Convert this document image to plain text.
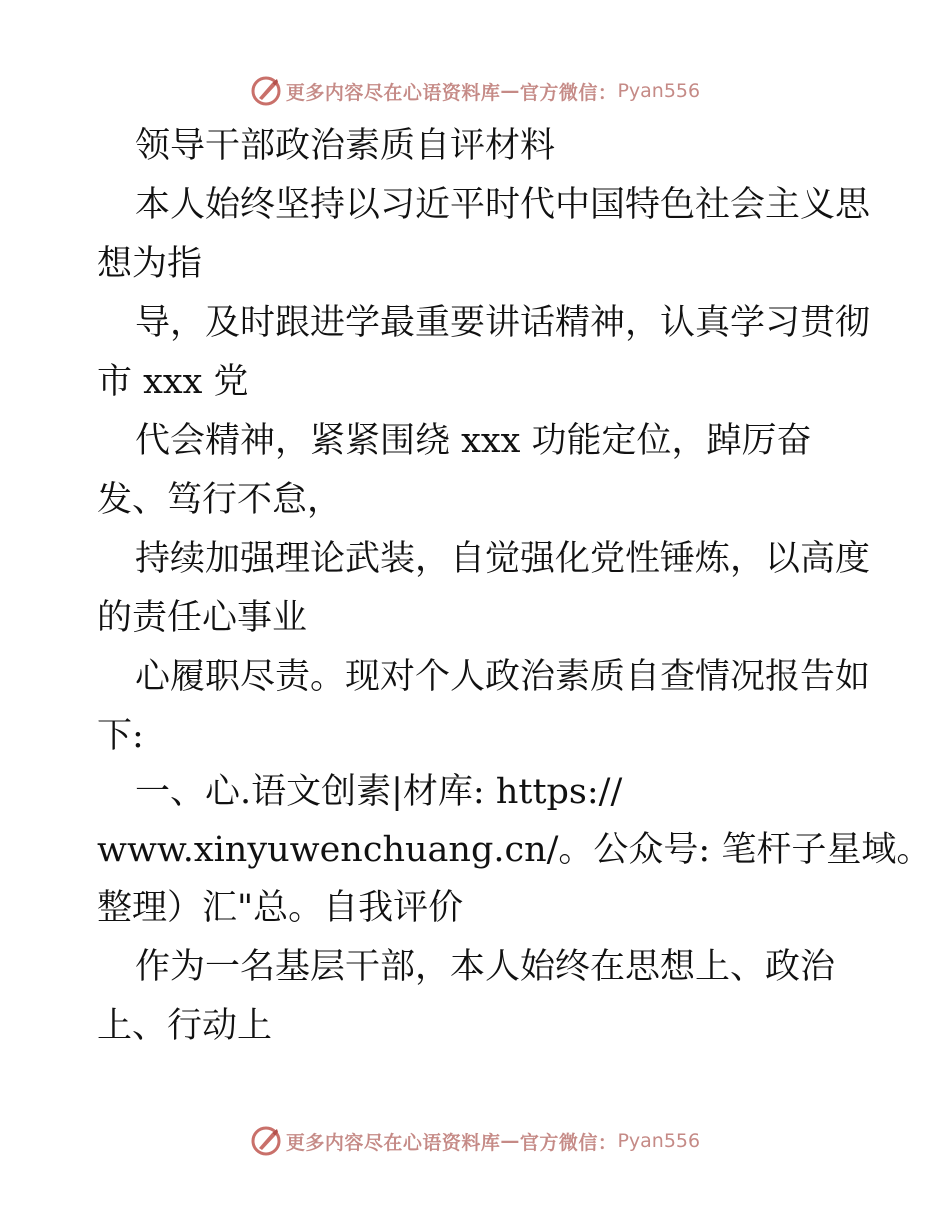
更多内容尽在心语资料库 — 官方微信： Pyan556
领导干部政治素质自评材料
本人始终坚持以习近平时代中国特色社会主义思
想为指
导，及时跟进学最重要讲话精神，认真学习贯彻
市 xxx 党
代会精神，紧紧围绕 xxx 功能定位，踔厉奋
发、笃行不怠，
持续加强理论武装，自觉强化党性锤炼，以高度
的责任心事业
心履职尽责。现对个人政治素质自查情况报告如
下:
一、心.语文创素|材库: https://
www.xinyuwenchuang.cn/。公众号: 笔杆子星域。
整理）汇"总。自我评价
作为一名基层干部，本人始终在思想上、政治
上、行动上
更多内容尽在心语资料库 — 官方微信： Pyan556
